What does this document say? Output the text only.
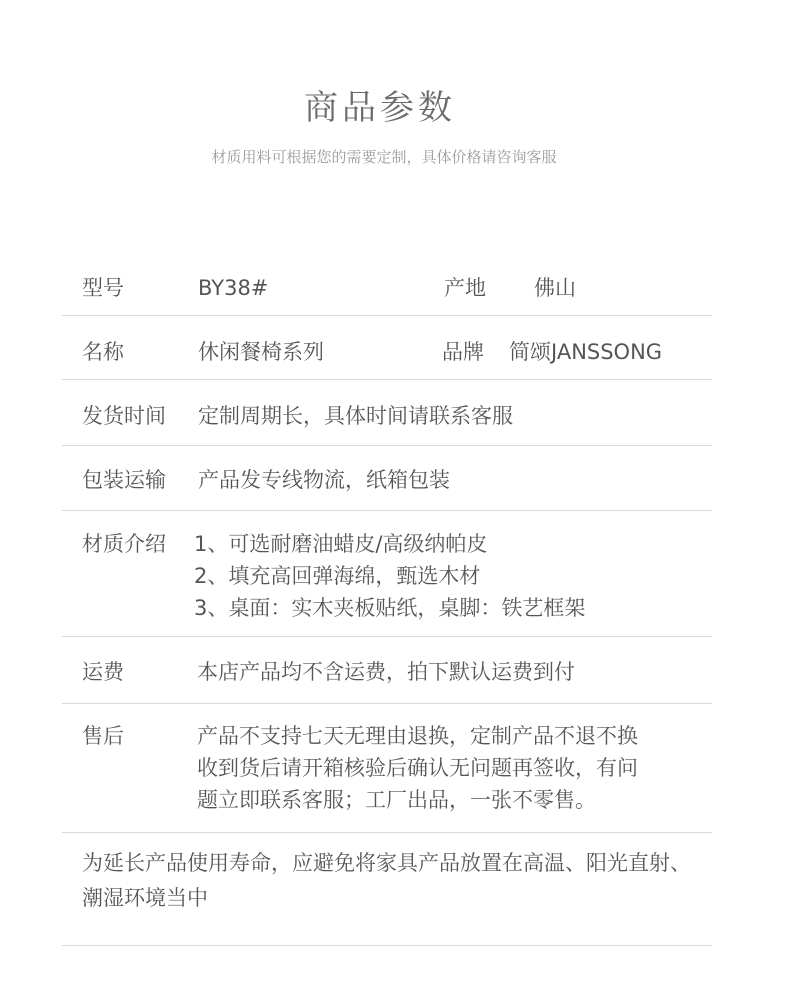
商品参数
材质用料可根据您的需要定制，具体价格请咨询客服
型号	BY38#	产地 佛山
名称	休闲餐椅系列	品牌 简颂JANSSONG
发货时间 定制周期长，具体时间请联系客服
包装运输 产品发专线物流，纸箱包装
材质介绍 1、可选耐磨油蜡皮/高级纳帕皮
2、填充高回弹海绵，甄选木材
3、桌面：实木夹板贴纸，桌脚：铁艺框架
运费	本店产品均不含运费，拍下默认运费到付
售后	产品不支持七天无理由退换，定制产品不退不换
收到货后请开箱核验后确认无问题再签收，有问
题立即联系客服；工厂出品，一张不零售。
为延长产品使用寿命，应避免将家具产品放置在高温、阳光直射、潮湿环境当中
